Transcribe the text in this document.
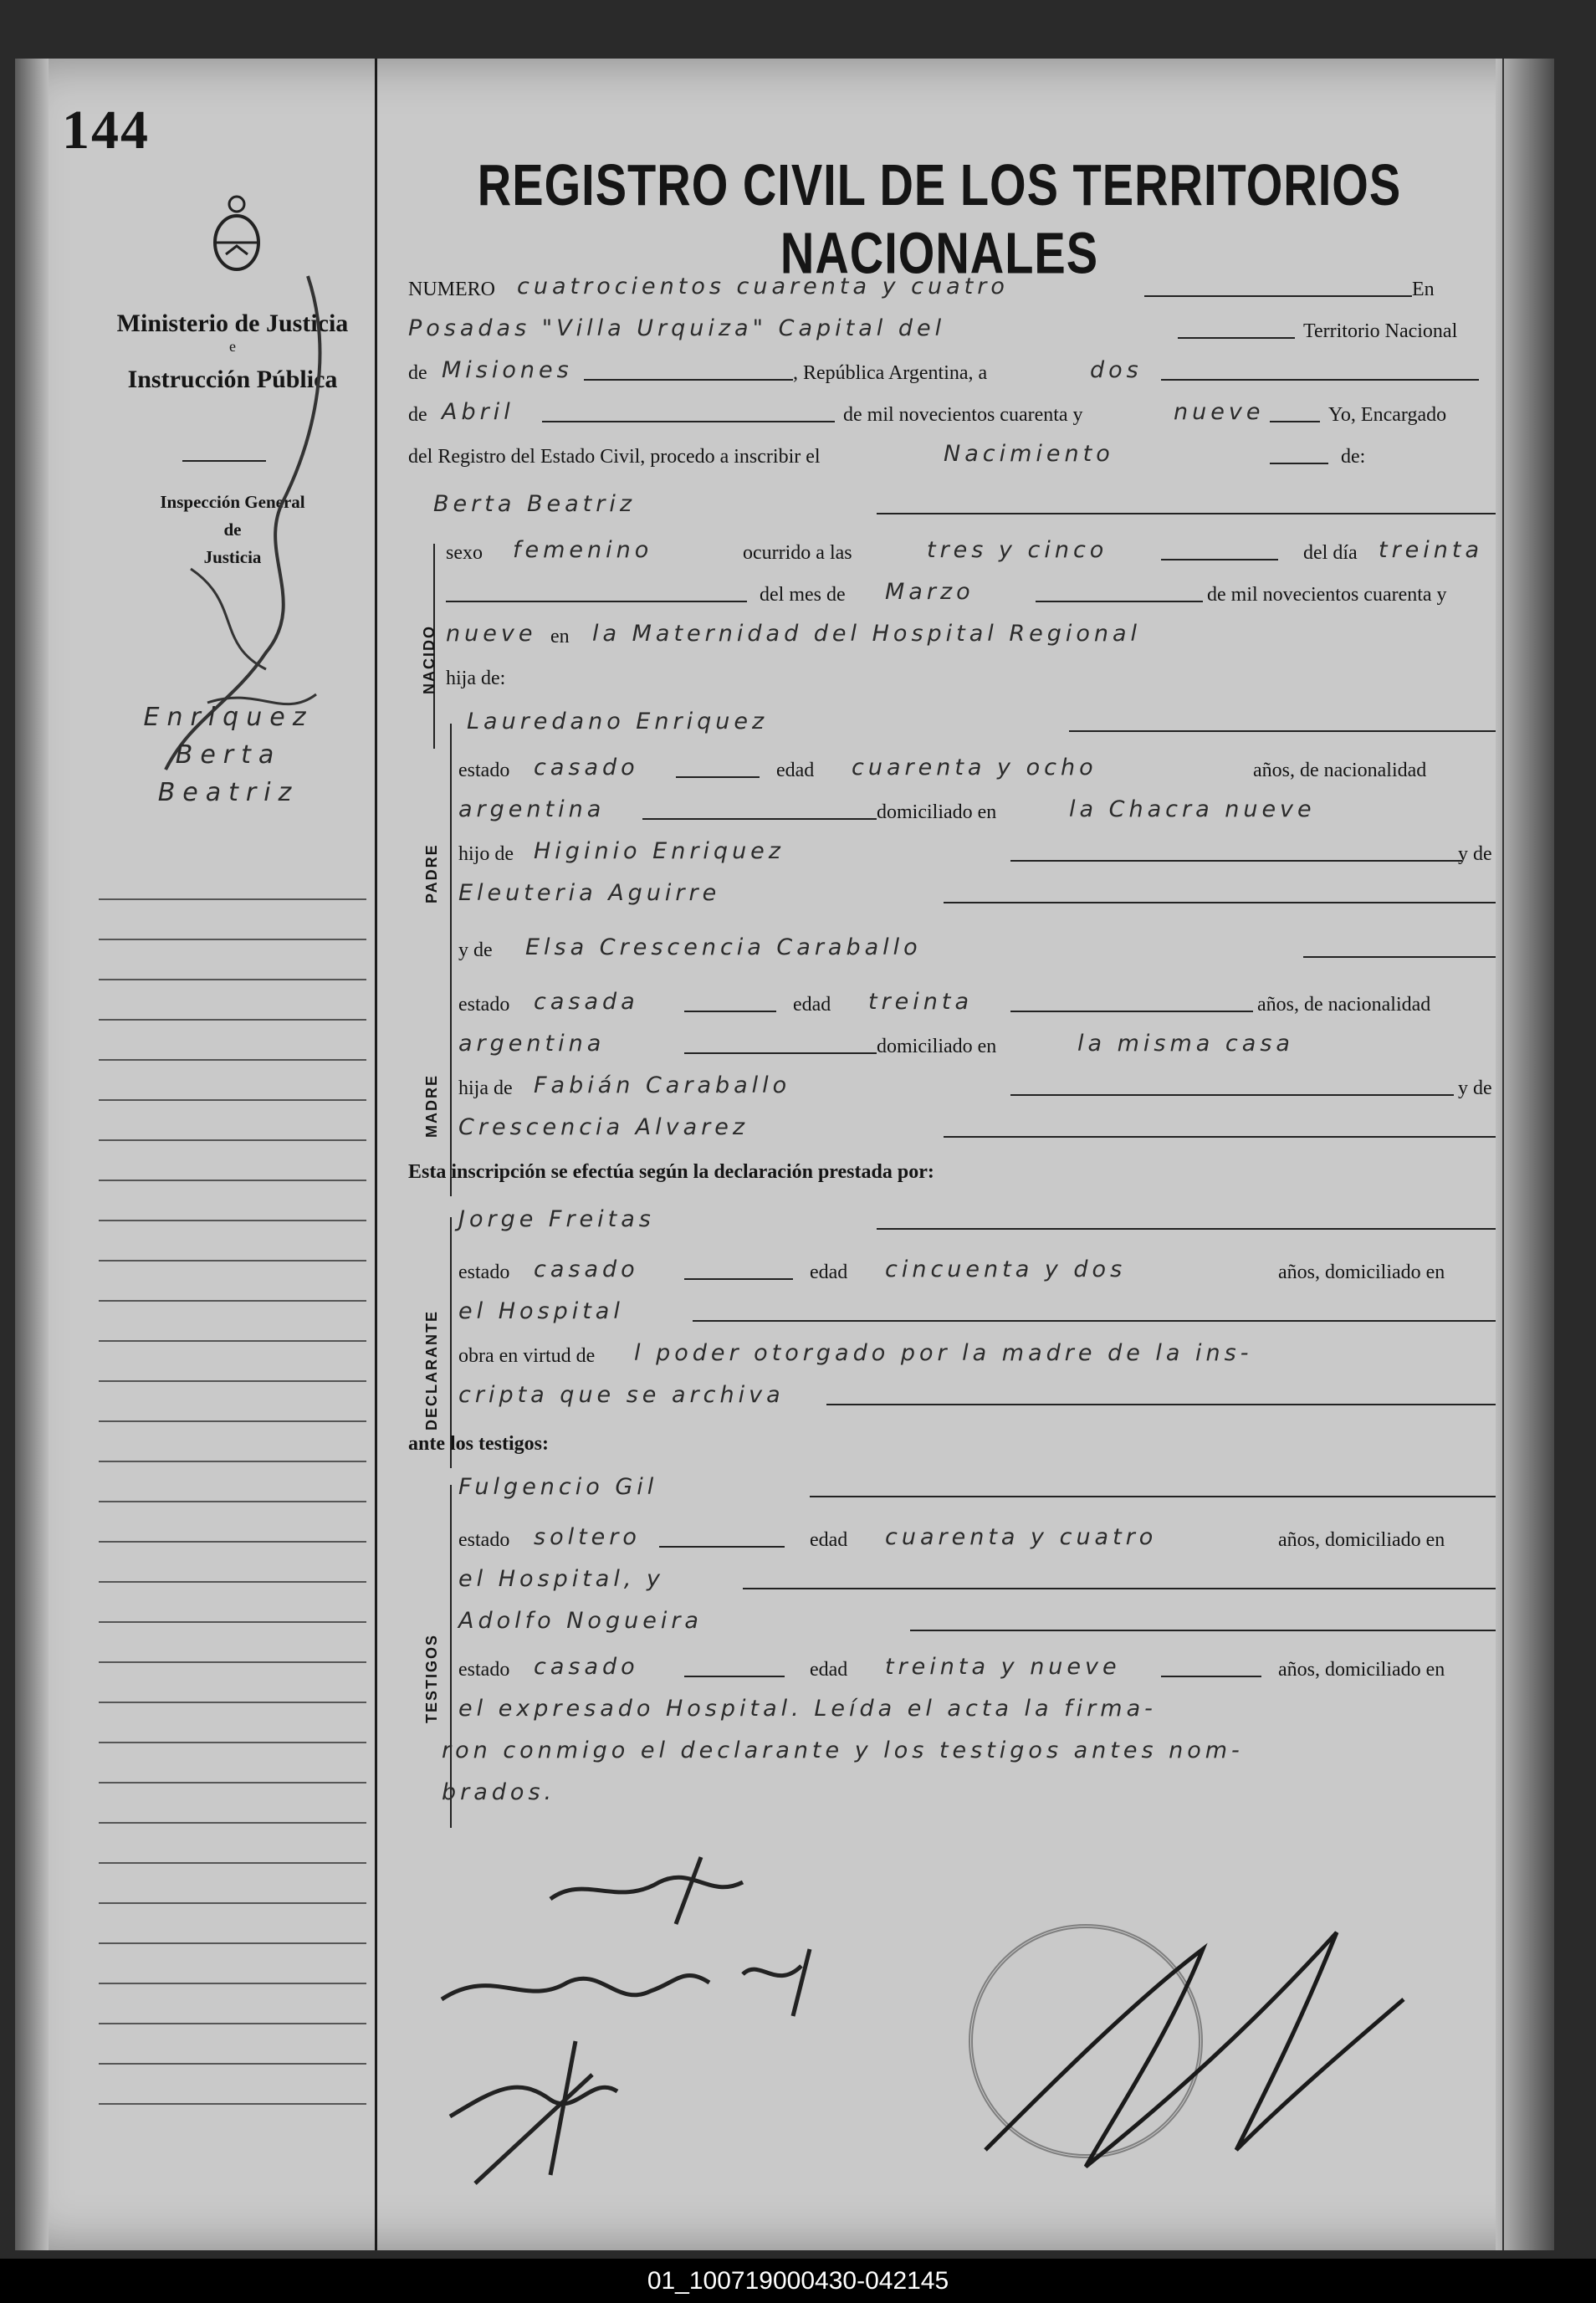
144
Ministerio de Justicia
e
Instrucción Pública
Inspección General
de
Justicia
Enriquez
Berta
Beatriz
REGISTRO CIVIL DE LOS TERRITORIOS NACIONALES
NUMERO cuatrocientos cuarenta y cuatro	En
Posadas "Villa Urquiza" Capital del	Territorio Nacional
de Misiones	, República Argentina, a	dos
de Abril	de mil novecientos cuarenta y	nueve	Yo, Encargado
del Registro del Estado Civil, procedo a inscribir el	Nacimiento	de:
NACIDO
Berta Beatriz
sexo femenino	ocurrido a las	tres y cinco	del día treinta
del mes de Marzo	de mil novecientos cuarenta y
nueve en la Maternidad del Hospital Regional
hija de:
PADRE
Lauredano Enriquez
estado casado	edad cuarenta y ocho	años, de nacionalidad
argentina	domiciliado en	la Chacra nueve
hijo de Higinio Enriquez	y de
Eleuteria Aguirre
MADRE
y de Elsa Crescencia Caraballo
estado casada	edad treinta	años, de nacionalidad
argentina	domiciliado en	la misma casa
hija de Fabián Caraballo	y de
Crescencia Alvarez
Esta inscripción se efectúa según la declaración prestada por:
DECLARANTE
Jorge Freitas
estado casado	edad cincuenta y dos	años, domiciliado en
el Hospital
obra en virtud de l poder otorgado por la madre de la ins-
cripta que se archiva
ante los testigos:
TESTIGOS
Fulgencio Gil
estado soltero	edad cuarenta y cuatro	años, domiciliado en
el Hospital, y
Adolfo Nogueira
estado casado	edad treinta y nueve	años, domiciliado en
el expresado Hospital. Leída el acta la firma-
ron conmigo el declarante y los testigos antes nom-
brados.
01_100719000430-042145
